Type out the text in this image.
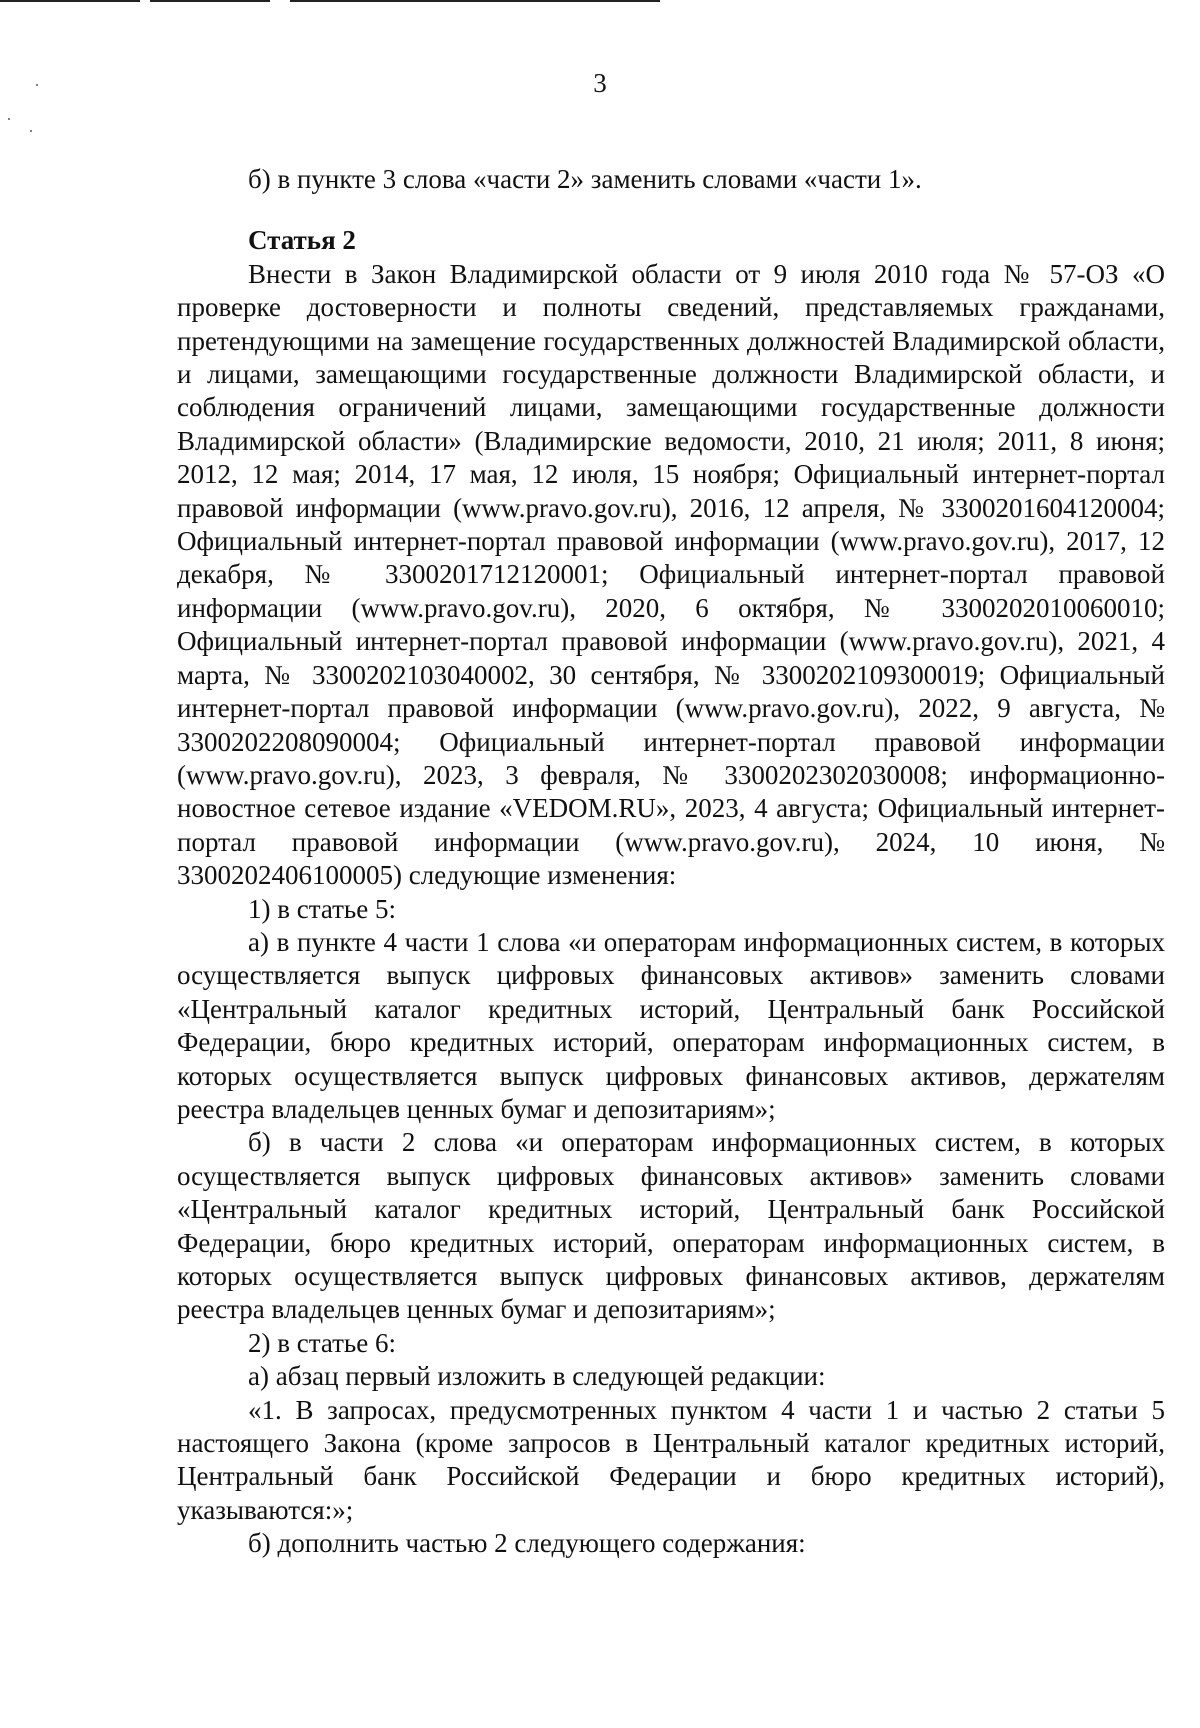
3

б) в пункте 3 слова «части 2» заменить словами «части 1».

Статья 2

Внести в Закон Владимирской области от 9 июля 2010 года № 57-ОЗ «О проверке достоверности и полноты сведений, представляемых гражданами, претендующими на замещение государственных должностей Владимирской области, и лицами, замещающими государственные должности Владимирской области, и соблюдения ограничений лицами, замещающими государственные должности Владимирской области» (Владимирские ведомости, 2010, 21 июля; 2011, 8 июня; 2012, 12 мая; 2014, 17 мая, 12 июля, 15 ноября; Официальный интернет-портал правовой информации (www.pravo.gov.ru), 2016, 12 апреля, № 3300201604120004; Официальный интернет-портал правовой информации (www.pravo.gov.ru), 2017, 12 декабря, № 3300201712120001; Официальный интернет-портал правовой информации (www.pravo.gov.ru), 2020, 6 октября, № 3300202010060010; Официальный интернет-портал правовой информации (www.pravo.gov.ru), 2021, 4 марта, № 3300202103040002, 30 сентября, № 3300202109300019; Официальный интернет-портал правовой информации (www.pravo.gov.ru), 2022, 9 августа, № 3300202208090004; Официальный интернет-портал правовой информации (www.pravo.gov.ru), 2023, 3 февраля, № 3300202302030008; информационно-новостное сетевое издание «VEDOM.RU», 2023, 4 августа; Официальный интернет-портал правовой информации (www.pravo.gov.ru), 2024, 10 июня, № 3300202406100005) следующие изменения:

1) в статье 5:

а) в пункте 4 части 1 слова «и операторам информационных систем, в которых осуществляется выпуск цифровых финансовых активов» заменить словами «Центральный каталог кредитных историй, Центральный банк Российской Федерации, бюро кредитных историй, операторам информационных систем, в которых осуществляется выпуск цифровых финансовых активов, держателям реестра владельцев ценных бумаг и депозитариям»;

б) в части 2 слова «и операторам информационных систем, в которых осуществляется выпуск цифровых финансовых активов» заменить словами «Центральный каталог кредитных историй, Центральный банк Российской Федерации, бюро кредитных историй, операторам информационных систем, в которых осуществляется выпуск цифровых финансовых активов, держателям реестра владельцев ценных бумаг и депозитариям»;

2) в статье 6:

а) абзац первый изложить в следующей редакции:

«1. В запросах, предусмотренных пунктом 4 части 1 и частью 2 статьи 5 настоящего Закона (кроме запросов в Центральный каталог кредитных историй, Центральный банк Российской Федерации и бюро кредитных историй), указываются:»;

б) дополнить частью 2 следующего содержания:
